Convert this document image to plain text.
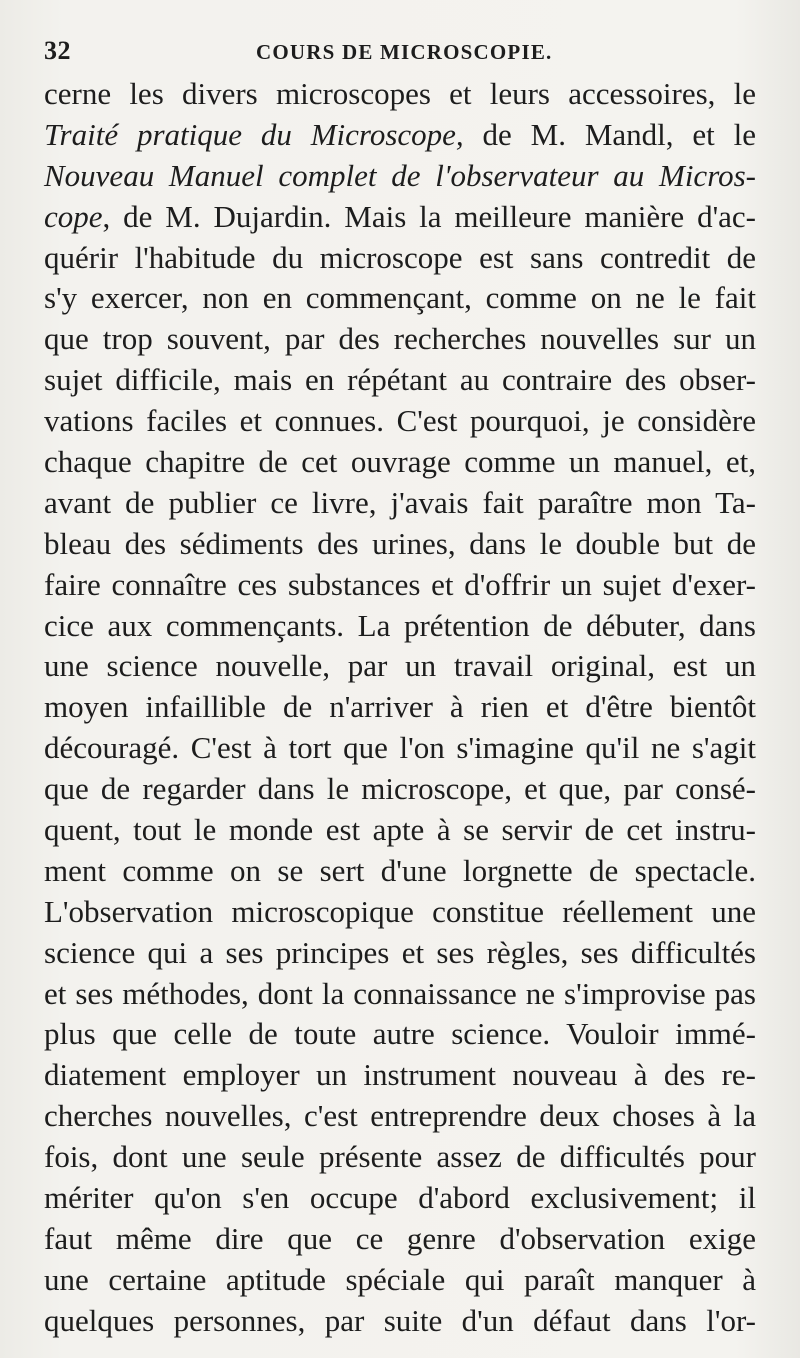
32	COURS DE MICROSCOPIE.
cerne les divers microscopes et leurs accessoires, le
Traité pratique du Microscope, de M. Mandl, et le
Nouveau Manuel complet de l'observateur au Micros-
cope, de M. Dujardin. Mais la meilleure manière d'ac-
quérir l'habitude du microscope est sans contredit de
s'y exercer, non en commençant, comme on ne le fait
que trop souvent, par des recherches nouvelles sur un
sujet difficile, mais en répétant au contraire des obser-
vations faciles et connues. C'est pourquoi, je considère
chaque chapitre de cet ouvrage comme un manuel, et,
avant de publier ce livre, j'avais fait paraître mon Ta-
bleau des sédiments des urines, dans le double but de
faire connaître ces substances et d'offrir un sujet d'exer-
cice aux commençants. La prétention de débuter, dans
une science nouvelle, par un travail original, est un
moyen infaillible de n'arriver à rien et d'être bientôt
découragé. C'est à tort que l'on s'imagine qu'il ne s'agit
que de regarder dans le microscope, et que, par consé-
quent, tout le monde est apte à se servir de cet instru-
ment comme on se sert d'une lorgnette de spectacle.
L'observation microscopique constitue réellement une
science qui a ses principes et ses règles, ses difficultés
et ses méthodes, dont la connaissance ne s'improvise pas
plus que celle de toute autre science. Vouloir immé-
diatement employer un instrument nouveau à des re-
cherches nouvelles, c'est entreprendre deux choses à la
fois, dont une seule présente assez de difficultés pour
mériter qu'on s'en occupe d'abord exclusivement; il
faut même dire que ce genre d'observation exige
une certaine aptitude spéciale qui paraît manquer à
quelques personnes, par suite d'un défaut dans l'or-
